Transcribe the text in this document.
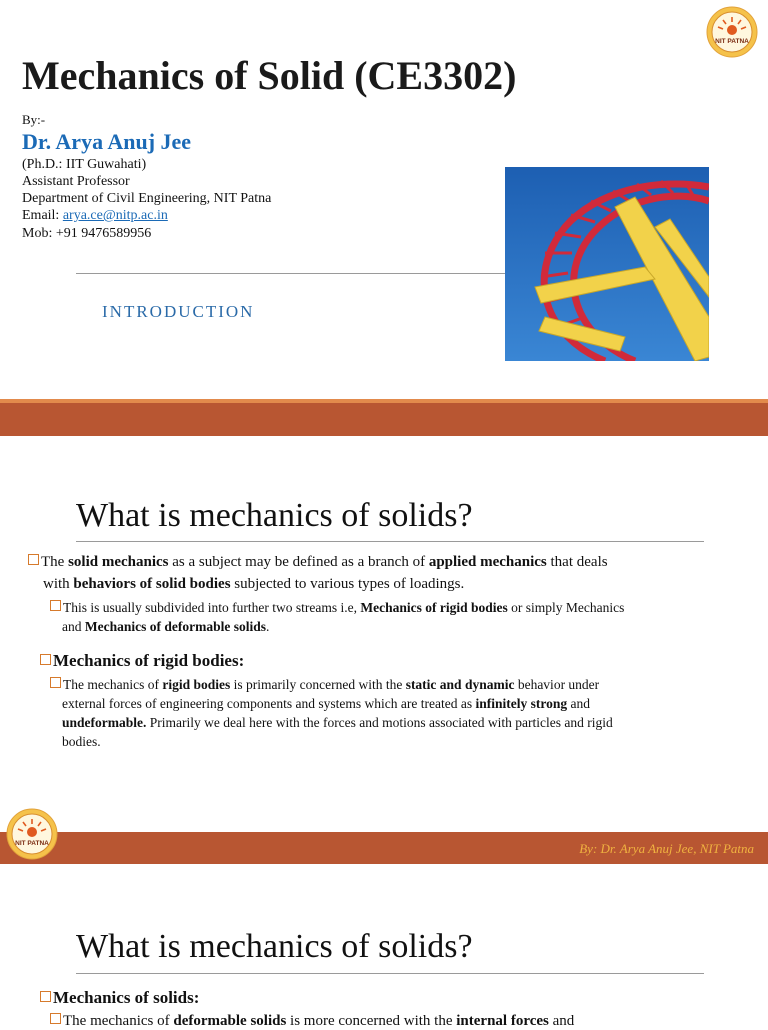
NIT PATNA
Mechanics of Solid (CE3302)
By:-
Dr. Arya Anuj Jee
(Ph.D.: IIT Guwahati)
Assistant Professor
Department of Civil Engineering, NIT Patna
Email: arya.ce@nitp.ac.in
Mob: +91 9476589956
INTRODUCTION
What is mechanics of solids?
The solid mechanics as a subject may be defined as a branch of applied mechanics that deals
with behaviors of solid bodies subjected to various types of loadings.
This is usually subdivided into further two streams i.e, Mechanics of rigid bodies or simply Mechanics
and Mechanics of deformable solids.
Mechanics of rigid bodies:
The mechanics of rigid bodies is primarily concerned with the static and dynamic behavior under
external forces of engineering components and systems which are treated as infinitely strong and
undeformable. Primarily we deal here with the forces and motions associated with particles and rigid
bodies.
By: Dr. Arya Anuj Jee, NIT Patna
NIT PATNA
What is mechanics of solids?
Mechanics of solids:
The mechanics of deformable solids is more concerned with the internal forces and
